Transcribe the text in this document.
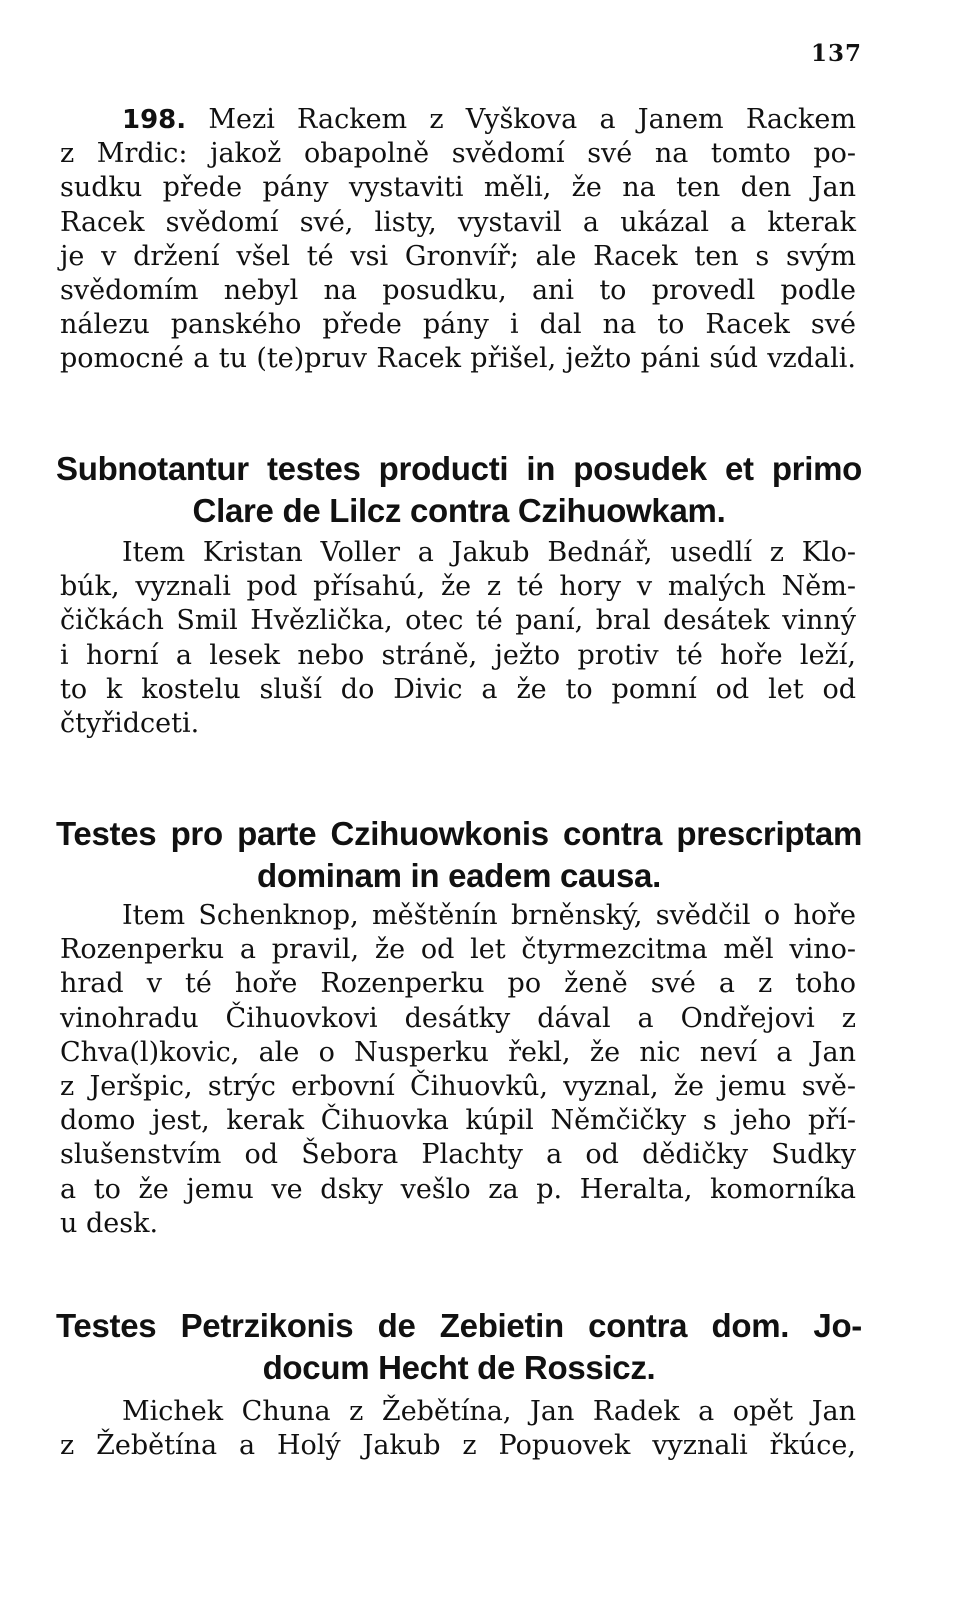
137
198. Mezi Rackem z Vyškova a Janem Rackem
z Mrdic: jakož obapolně svědomí své na tomto po-
sudku přede pány vystaviti měli, že na ten den Jan
Racek svědomí své, listy, vystavil a ukázal a kterak
je v držení všel té vsi Gronvíř; ale Racek ten s svým
svědomím nebyl na posudku, ani to provedl podle
nálezu panského přede pány i dal na to Racek své
pomocné a tu (te)pruv Racek přišel, ježto páni súd vzdali.
Subnotantur testes producti in posudek et primo
Clare de Lilcz contra Czihuowkam.
Item Kristan Voller a Jakub Bednář, usedlí z Klo-
búk, vyznali pod přísahú, že z té hory v malých Něm-
čičkách Smil Hvězlička, otec té paní, bral desátek vinný
i horní a lesek nebo stráně, ježto protiv té hoře leží,
to k kostelu sluší do Divic a že to pomní od let od
čtyřidceti.
Testes pro parte Czihuowkonis contra prescriptam
dominam in eadem causa.
Item Schenknop, měštěnín brněnský, svědčil o hoře
Rozenperku a pravil, že od let čtyrmezcitma měl vino-
hrad v té hoře Rozenperku po ženě své a z toho
vinohradu Čihuovkovi desátky dával a Ondřejovi z
Chva(l)kovic, ale o Nusperku řekl, že nic neví a Jan
z Jeršpic, strýc erbovní Čihuovkû, vyznal, že jemu svě-
domo jest, kerak Čihuovka kúpil Němčičky s jeho pří-
slušenstvím od Šebora Plachty a od dědičky Sudky
a to že jemu ve dsky vešlo za p. Heralta, komorníka
u desk.
Testes Petrzikonis de Zebietin contra dom. Jo-
docum Hecht de Rossicz.
Michek Chuna z Žebětína, Jan Radek a opět Jan
z Žebětína a Holý Jakub z Popuovek vyznali řkúce,
